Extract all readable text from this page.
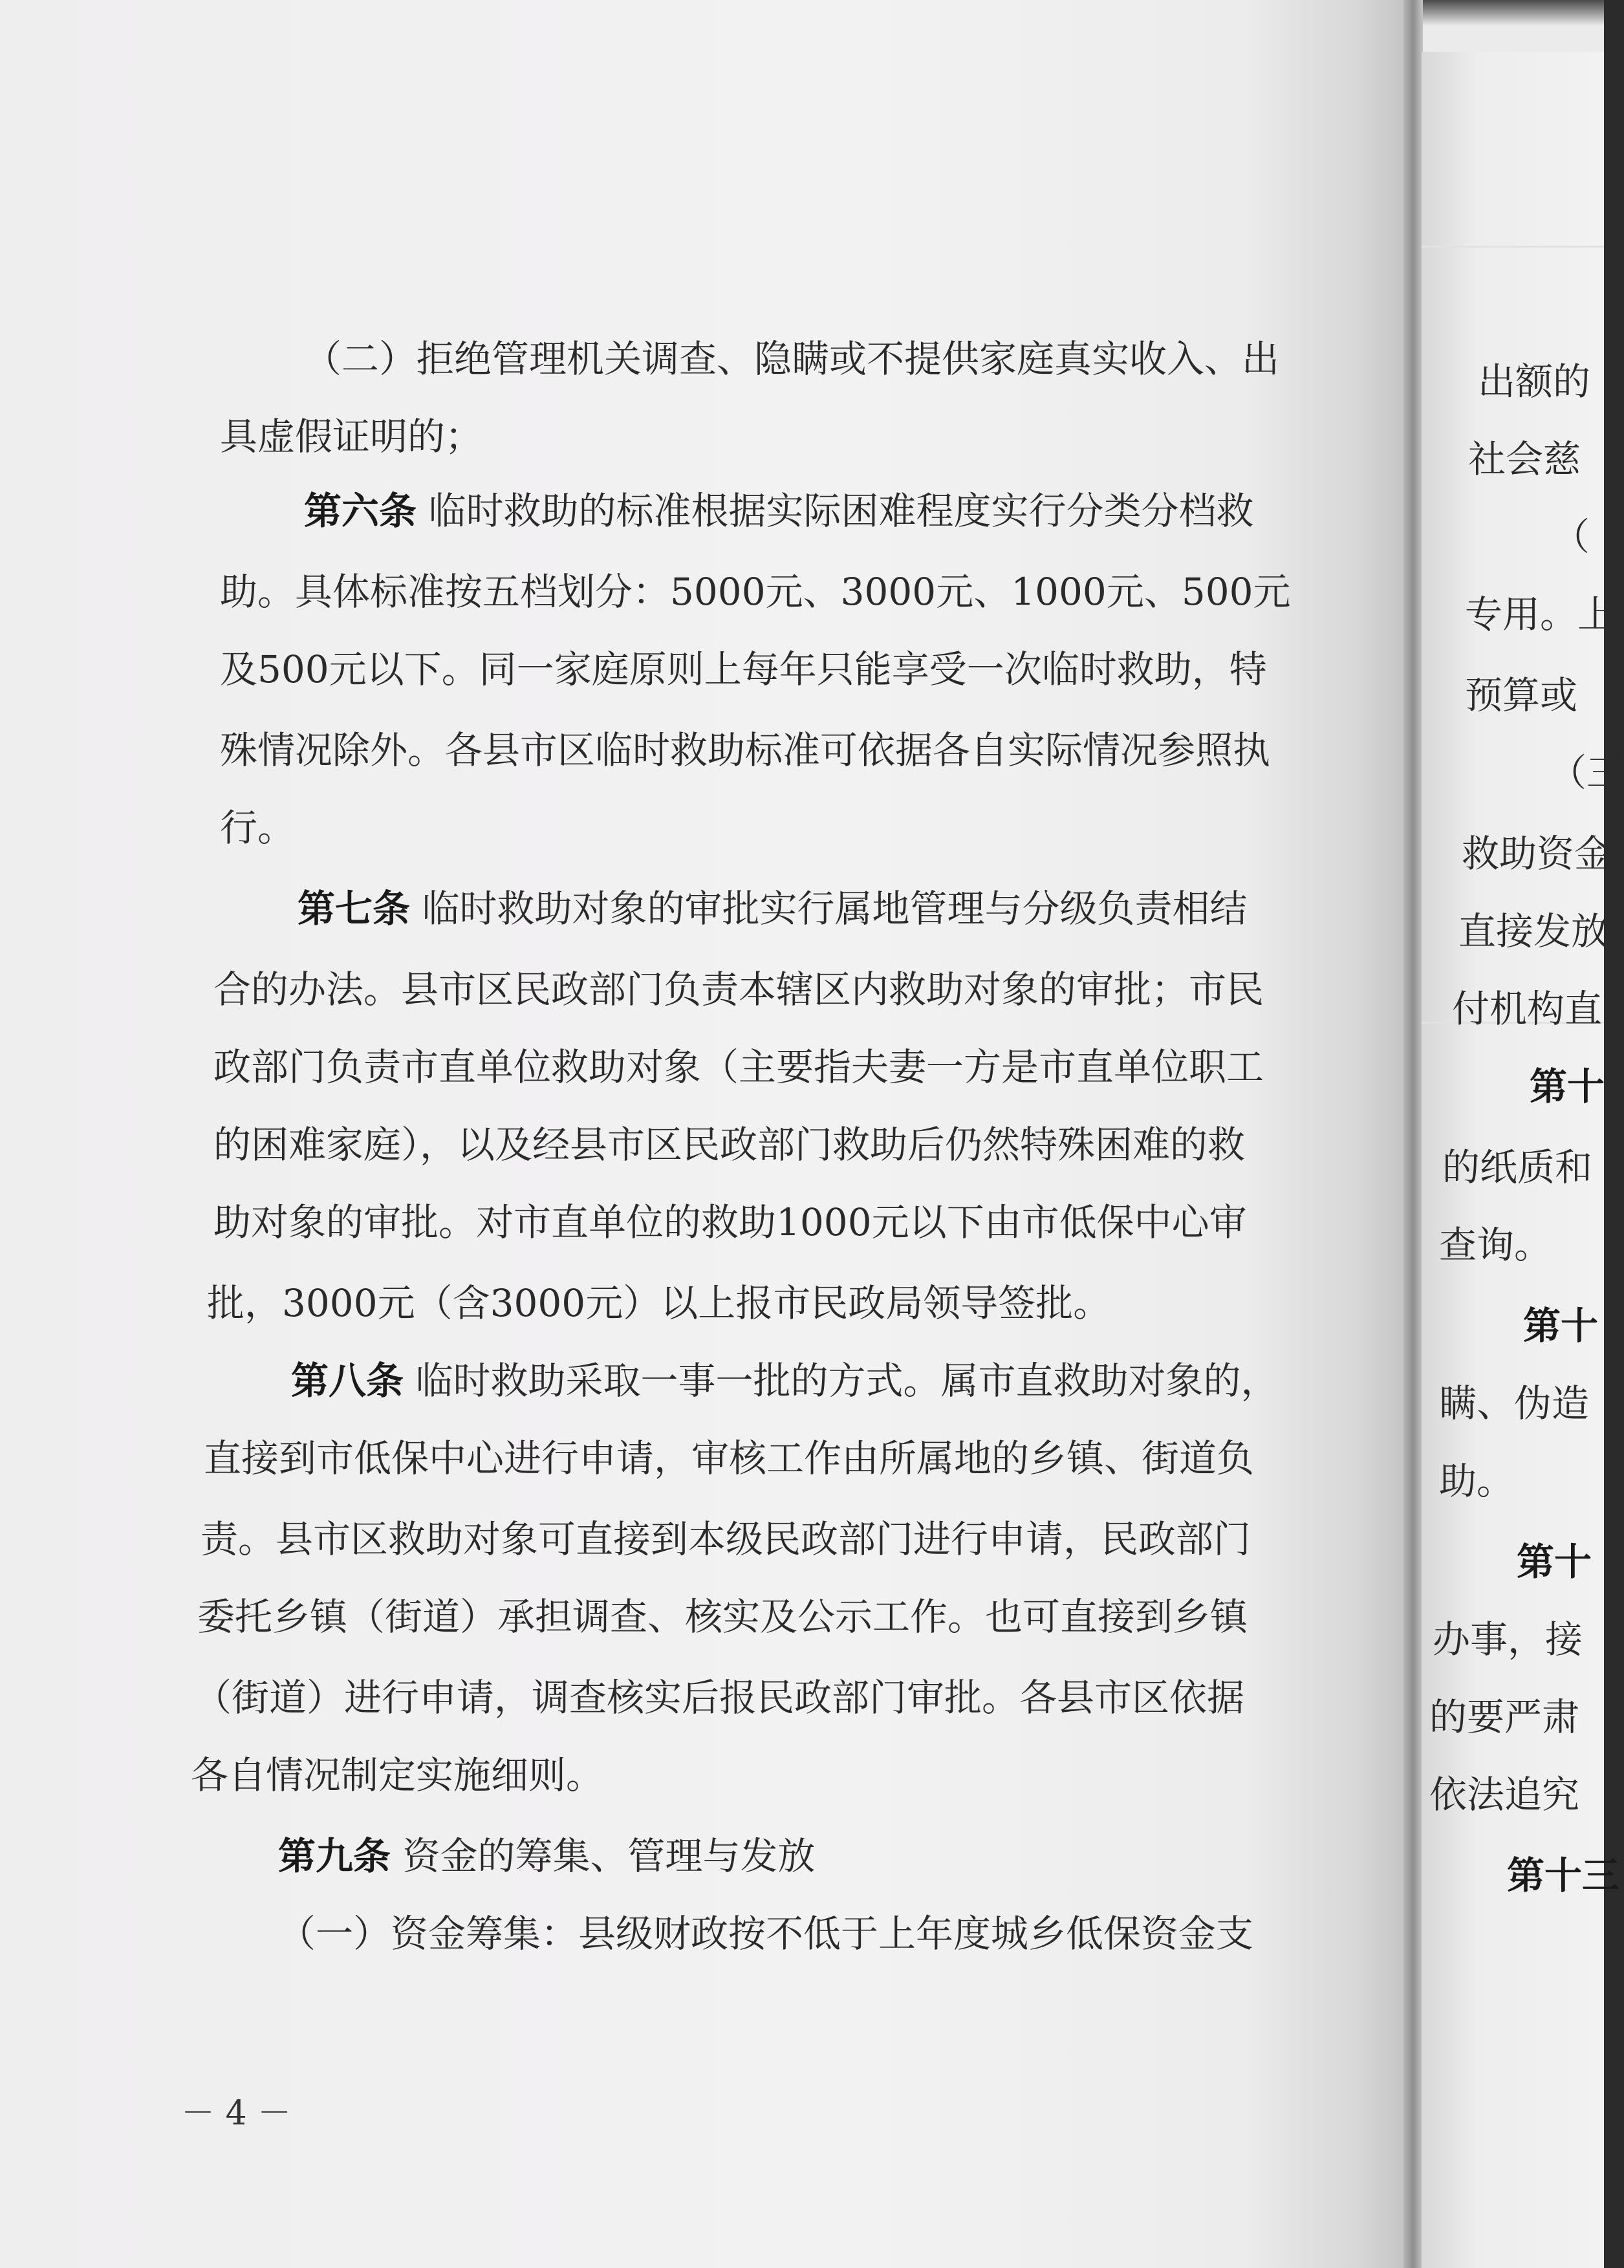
（二）拒绝管理机关调查、隐瞒或不提供家庭真实收入、出
具虚假证明的；
第六条 临时救助的标准根据实际困难程度实行分类分档救
助。具体标准按五档划分：5000元、3000元、1000元、500元
及500元以下。同一家庭原则上每年只能享受一次临时救助，特
殊情况除外。各县市区临时救助标准可依据各自实际情况参照执
行。
第七条 临时救助对象的审批实行属地管理与分级负责相结
合的办法。县市区民政部门负责本辖区内救助对象的审批；市民
政部门负责市直单位救助对象（主要指夫妻一方是市直单位职工
的困难家庭），以及经县市区民政部门救助后仍然特殊困难的救
助对象的审批。对市直单位的救助1000元以下由市低保中心审
批，3000元（含3000元）以上报市民政局领导签批。
第八条 临时救助采取一事一批的方式。属市直救助对象的，
直接到市低保中心进行申请，审核工作由所属地的乡镇、街道负
责。县市区救助对象可直接到本级民政部门进行申请，民政部门
委托乡镇（街道）承担调查、核实及公示工作。也可直接到乡镇
（街道）进行申请，调查核实后报民政部门审批。各县市区依据
各自情况制定实施细则。
第九条 资金的筹集、管理与发放
（一）资金筹集：县级财政按不低于上年度城乡低保资金支
－ 4 －
出额的
社会慈
（
专用。上
预算或
（三
救助资金
直接发放
付机构直
第十
的纸质和
查询。
第十
瞒、伪造
助。
第十
办事，接
的要严肃
依法追究
第十三
